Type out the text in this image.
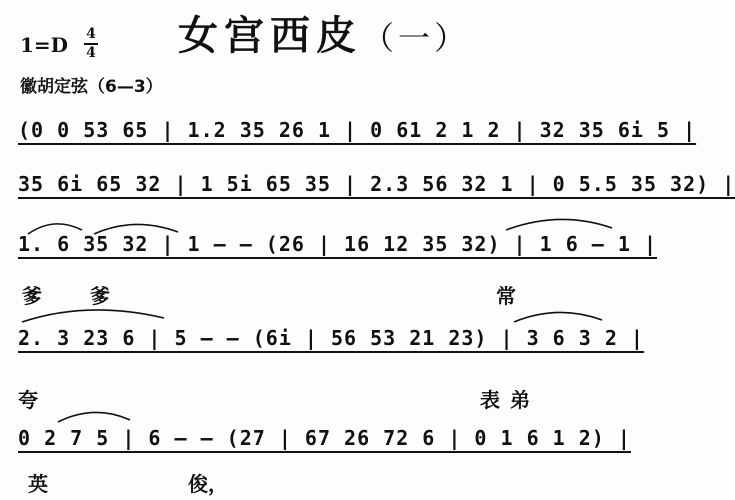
女宫西皮（一）
1=D 4
4
徽胡定弦（6—3）
(0 0 53 65 | 1.2 35 26 1 | 0 61 2 1 2 | 32 35 6i 5 |
35 6i 65 32 | 1 5i 65 35 | 2.3 56 32 1 | 0 5.5 35 32) |
1. 6 35 32 | 1 — — (26 | 16 12 35 32) | 1 6 — 1 |
爹 爹	常
2. 3 23 6 | 5 — — (6i | 56 53 21 23) | 3 6 3 2 |
夸	表弟
0 2 7 5 | 6 — — (27 | 67 26 72 6 | 0 1 6 1 2) |
英	俊，
